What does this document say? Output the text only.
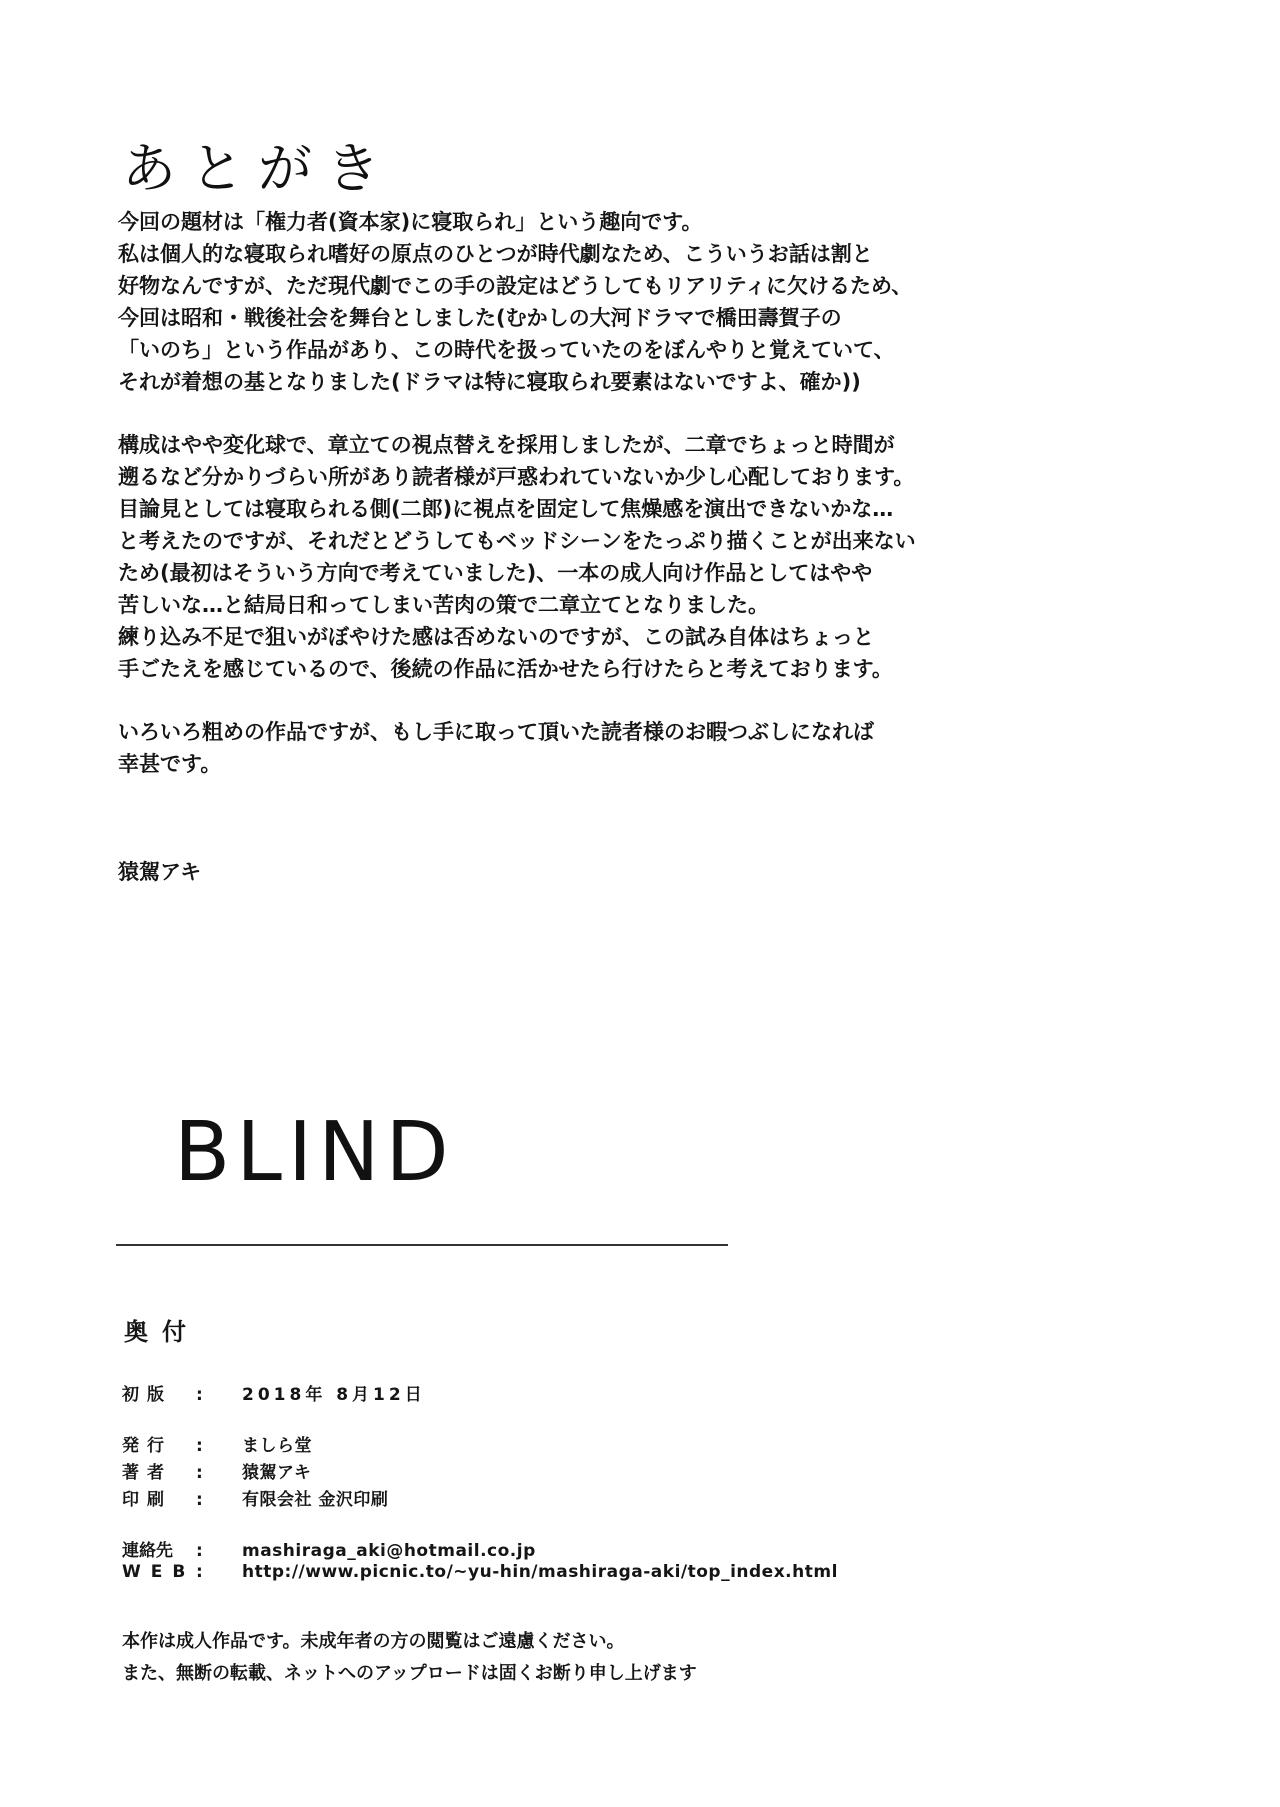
あとがき
今回の題材は「権力者(資本家)に寝取られ」という趣向です。
私は個人的な寝取られ嗜好の原点のひとつが時代劇なため、こういうお話は割と
好物なんですが、ただ現代劇でこの手の設定はどうしてもリアリティに欠けるため、
今回は昭和・戦後社会を舞台としました(むかしの大河ドラマで橋田壽賀子の
「いのち」という作品があり、この時代を扱っていたのをぼんやりと覚えていて、
それが着想の基となりました(ドラマは特に寝取られ要素はないですよ、確か))
構成はやや変化球で、章立ての視点替えを採用しましたが、二章でちょっと時間が
遡るなど分かりづらい所があり読者様が戸惑われていないか少し心配しております。
目論見としては寝取られる側(二郎)に視点を固定して焦燥感を演出できないかな…
と考えたのですが、それだとどうしてもベッドシーンをたっぷり描くことが出来ない
ため(最初はそういう方向で考えていました)、一本の成人向け作品としてはやや
苦しいな…と結局日和ってしまい苦肉の策で二章立てとなりました。
練り込み不足で狙いがぼやけた感は否めないのですが、この試み自体はちょっと
手ごたえを感じているので、後続の作品に活かせたら行けたらと考えております。
いろいろ粗めの作品ですが、もし手に取って頂いた読者様のお暇つぶしになれば
幸甚です。
猿駕アキ
BLIND
奥付
初版	:	2018年 8月12日
発行	:	ましら堂
著者	:	猿駕アキ
印刷	:	有限会社 金沢印刷
連絡先	:	mashiraga_aki@hotmail.co.jp
WEB :	http://www.picnic.to/~yu-hin/mashiraga-aki/top_index.html
本作は成人作品です。未成年者の方の閲覧はご遠慮ください。
また、無断の転載、ネットへのアップロードは固くお断り申し上げます
